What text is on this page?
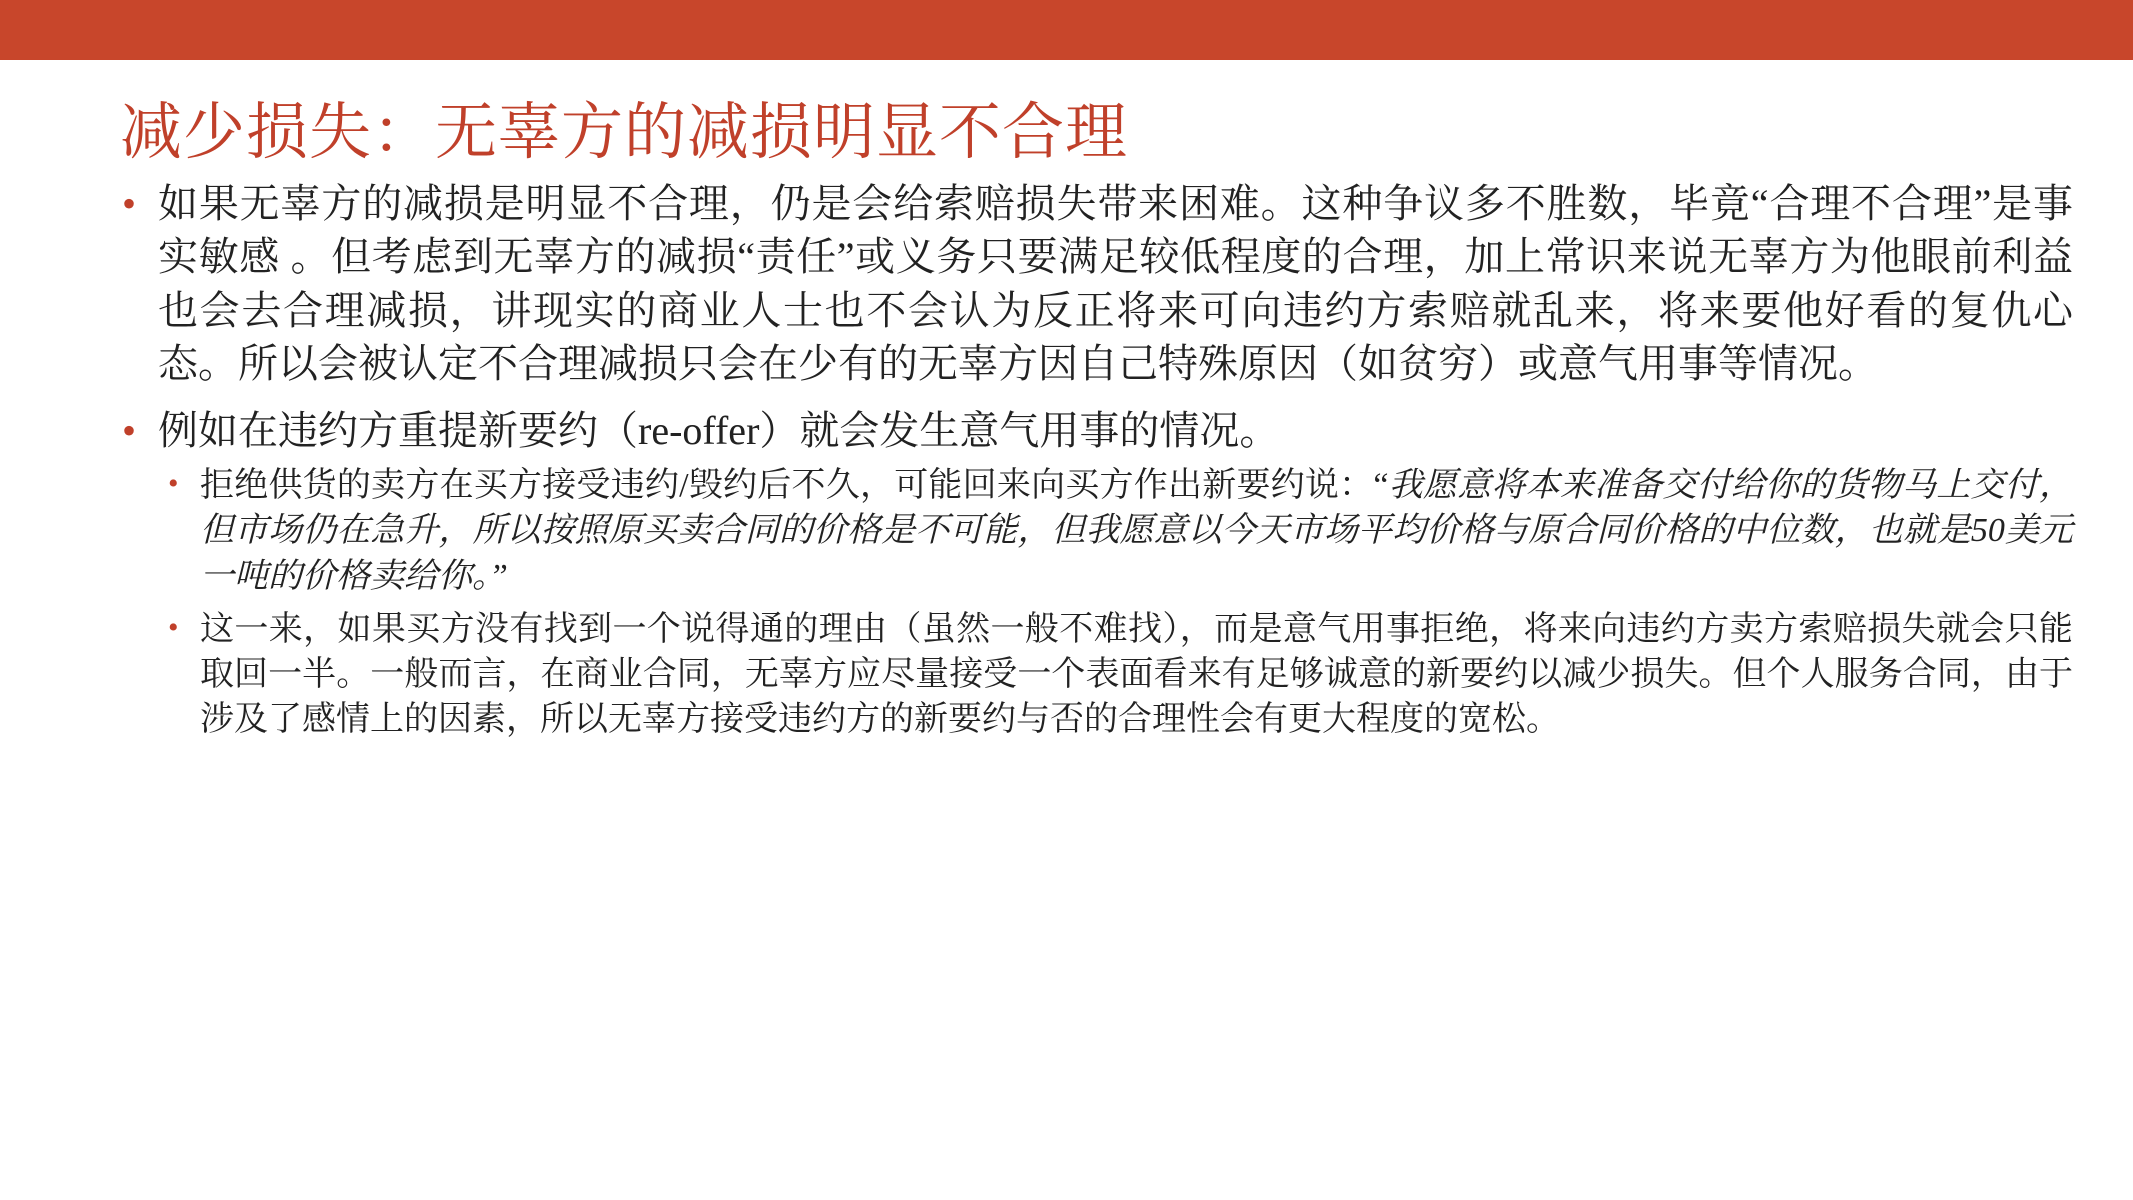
减少损失：无辜方的减损明显不合理
• 如果无辜方的减损是明显不合理，仍是会给索赔损失带来困难。这种争议多不胜数，毕竟“合理不合理”是事实敏感 。但考虑到无辜方的减损“责任”或义务只要满足较低程度的合理，加上常识来说无辜方为他眼前利益也会去合理减损，讲现实的商业人士也不会认为反正将来可向违约方索赔就乱来，将来要他好看的复仇心态。所以会被认定不合理减损只会在少有的无辜方因自己特殊原因（如贫穷）或意气用事等情况。
• 例如在违约方重提新要约（re-offer）就会发生意气用事的情况。
• 拒绝供货的卖方在买方接受违约/毁约后不久，可能回来向买方作出新要约说：“我愿意将本来准备交付给你的货物马上交付，但市场仍在急升，所以按照原买卖合同的价格是不可能，但我愿意以今天市场平均价格与原合同价格的中位数，也就是50美元一吨的价格卖给你。”
• 这一来，如果买方没有找到一个说得通的理由（虽然一般不难找），而是意气用事拒绝，将来向违约方卖方索赔损失就会只能取回一半。一般而言，在商业合同，无辜方应尽量接受一个表面看来有足够诚意的新要约以减少损失。但个人服务合同，由于涉及了感情上的因素，所以无辜方接受违约方的新要约与否的合理性会有更大程度的宽松。
